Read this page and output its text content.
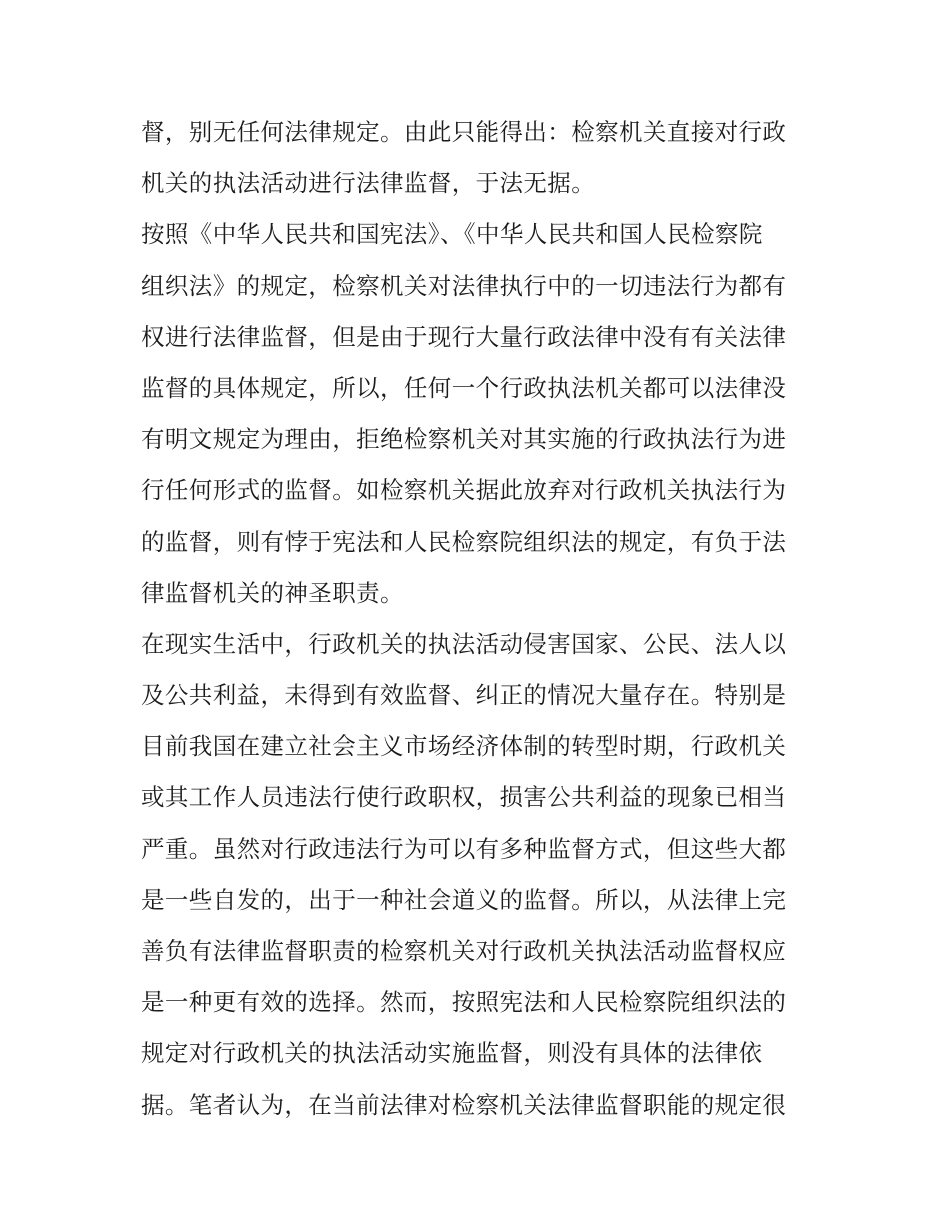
督，别无任何法律规定。由此只能得出：检察机关直接对行政
机关的执法活动进行法律监督，于法无据。
按照《中华人民共和国宪法》、《中华人民共和国人民检察院
组织法》的规定，检察机关对法律执行中的一切违法行为都有
权进行法律监督，但是由于现行大量行政法律中没有有关法律
监督的具体规定，所以，任何一个行政执法机关都可以法律没
有明文规定为理由，拒绝检察机关对其实施的行政执法行为进
行任何形式的监督。如检察机关据此放弃对行政机关执法行为
的监督，则有悖于宪法和人民检察院组织法的规定，有负于法
律监督机关的神圣职责。
在现实生活中，行政机关的执法活动侵害国家、公民、法人以
及公共利益，未得到有效监督、纠正的情况大量存在。特别是
目前我国在建立社会主义市场经济体制的转型时期，行政机关
或其工作人员违法行使行政职权，损害公共利益的现象已相当
严重。虽然对行政违法行为可以有多种监督方式，但这些大都
是一些自发的，出于一种社会道义的监督。所以，从法律上完
善负有法律监督职责的检察机关对行政机关执法活动监督权应
是一种更有效的选择。然而，按照宪法和人民检察院组织法的
规定对行政机关的执法活动实施监督，则没有具体的法律依
据。笔者认为，在当前法律对检察机关法律监督职能的规定很
